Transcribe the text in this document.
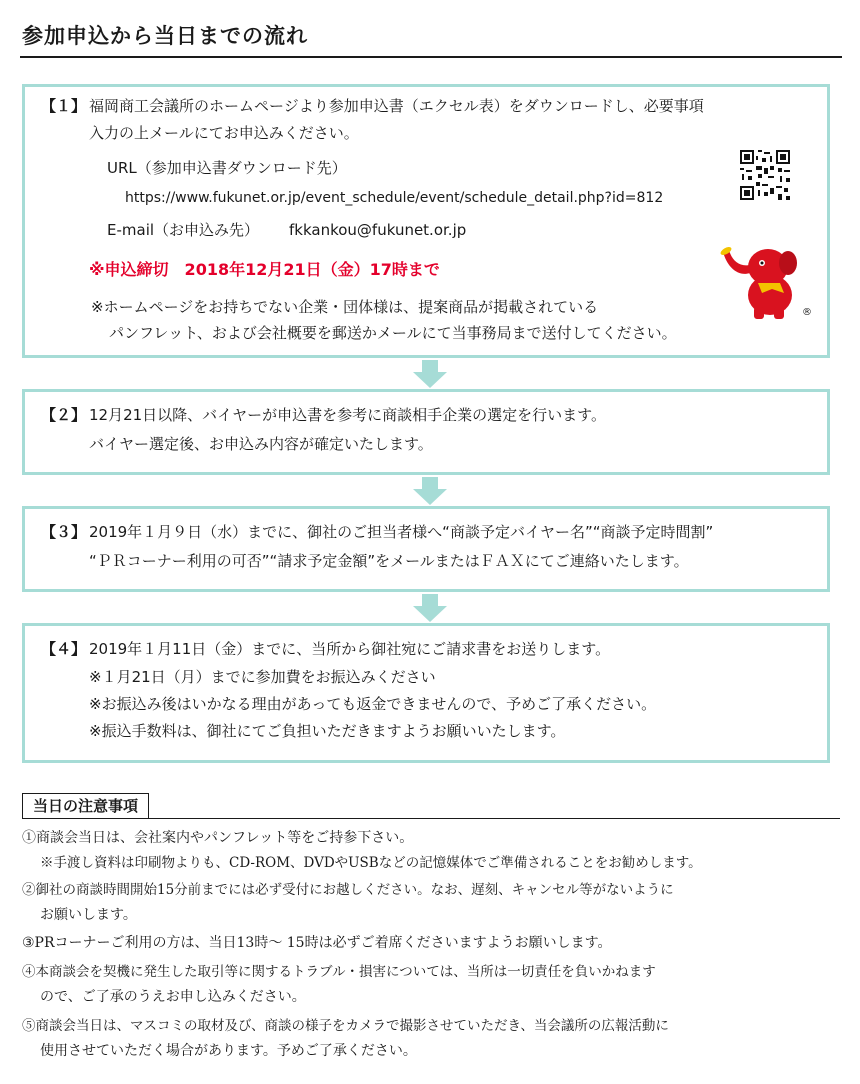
参加申込から当日までの流れ
【１】 福岡商工会議所のホームページより参加申込書（エクセル表）をダウンロードし、必要事項
入力の上メールにてお申込みください。
URL（参加申込書ダウンロード先）
https://www.fukunet.or.jp/event_schedule/event/schedule_detail.php?id=812
E-mail（お申込み先） fkkankou@fukunet.or.jp
※申込締切　2018年12月21日（金）17時まで
※ホームページをお持ちでない企業・団体様は、提案商品が掲載されている
パンフレット、および会社概要を郵送かメールにて当事務局まで送付してください。
®
【２】 12月21日以降、バイヤーが申込書を参考に商談相手企業の選定を行います。
バイヤー選定後、お申込み内容が確定いたします。
【３】 2019年１月９日（水）までに、御社のご担当者様へ“商談予定バイヤー名”“商談予定時間割”
“ＰＲコーナー利用の可否”“請求予定金額”をメールまたはＦＡＸにてご連絡いたします。
【４】 2019年１月11日（金）までに、当所から御社宛にご請求書をお送りします。
※１月21日（月）までに参加費をお振込みください
※お振込み後はいかなる理由があっても返金できませんので、予めご了承ください。
※振込手数料は、御社にてご負担いただきますようお願いいたします。
当日の注意事項
①商談会当日は、会社案内やパンフレット等をご持参下さい。
※手渡し資料は印刷物よりも、CD-ROM、DVDやUSBなどの記憶媒体でご準備されることをお勧めします。
②御社の商談時間開始15分前までには必ず受付にお越しください。なお、遅刻、キャンセル等がないように
お願いします。
③PRコーナーご利用の方は、当日13時～ 15時は必ずご着席くださいますようお願いします。
④本商談会を契機に発生した取引等に関するトラブル・損害については、当所は一切責任を負いかねます
ので、ご了承のうえお申し込みください。
⑤商談会当日は、マスコミの取材及び、商談の様子をカメラで撮影させていただき、当会議所の広報活動に
使用させていただく場合があります。予めご了承ください。
